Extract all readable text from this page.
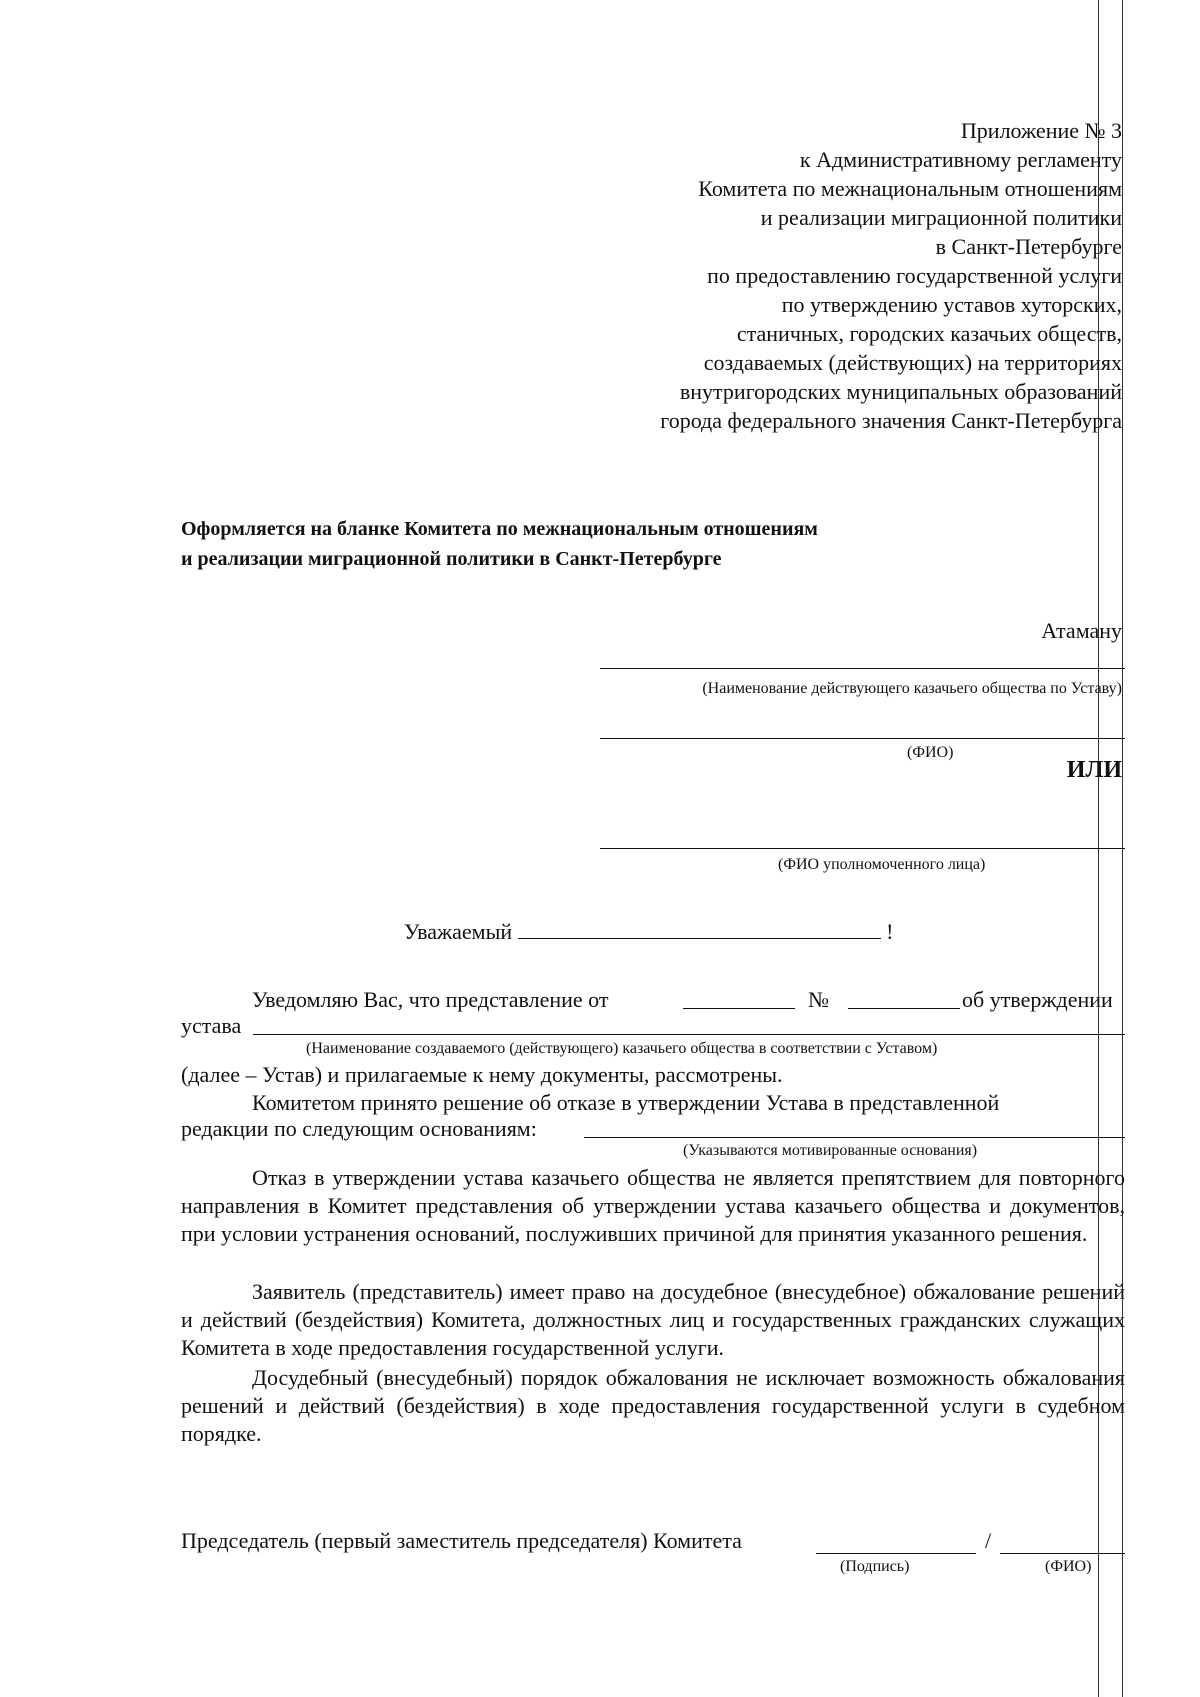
Приложение № 3
к Административному регламенту
Комитета по межнациональным отношениям
и реализации миграционной политики
в Санкт-Петербурге
по предоставлению государственной услуги
по утверждению уставов хуторских,
станичных, городских казачьих обществ,
создаваемых (действующих) на территориях
внутригородских муниципальных образований
города федерального значения Санкт-Петербурга
Оформляется на бланке Комитета по межнациональным отношениям
и реализации миграционной политики в Санкт-Петербурге
Атаману
(Наименование действующего казачьего общества по Уставу)
(ФИО)
ИЛИ
(ФИО уполномоченного лица)
Уважаемый	!
Уведомляю Вас, что представление от	№	об утверждении
устава
(Наименование создаваемого (действующего) казачьего общества в соответствии с Уставом)
(далее – Устав) и прилагаемые к нему документы, рассмотрены.
Комитетом принято решение об отказе в утверждении Устава в представленной
редакции по следующим основаниям:
(Указываются мотивированные основания)
Отказ в утверждении устава казачьего общества не является препятствием для повторного направления в Комитет представления об утверждении устава казачьего общества и документов, при условии устранения оснований, послуживших причиной для принятия указанного решения.
Заявитель (представитель) имеет право на досудебное (внесудебное) обжалование решений и действий (бездействия) Комитета, должностных лиц и государственных гражданских служащих Комитета в ходе предоставления государственной услуги.
Досудебный (внесудебный) порядок обжалования не исключает возможность обжалования решений и действий (бездействия) в ходе предоставления государственной услуги в судебном порядке.
Председатель (первый заместитель председателя) Комитета	/
(Подпись)	(ФИО)
